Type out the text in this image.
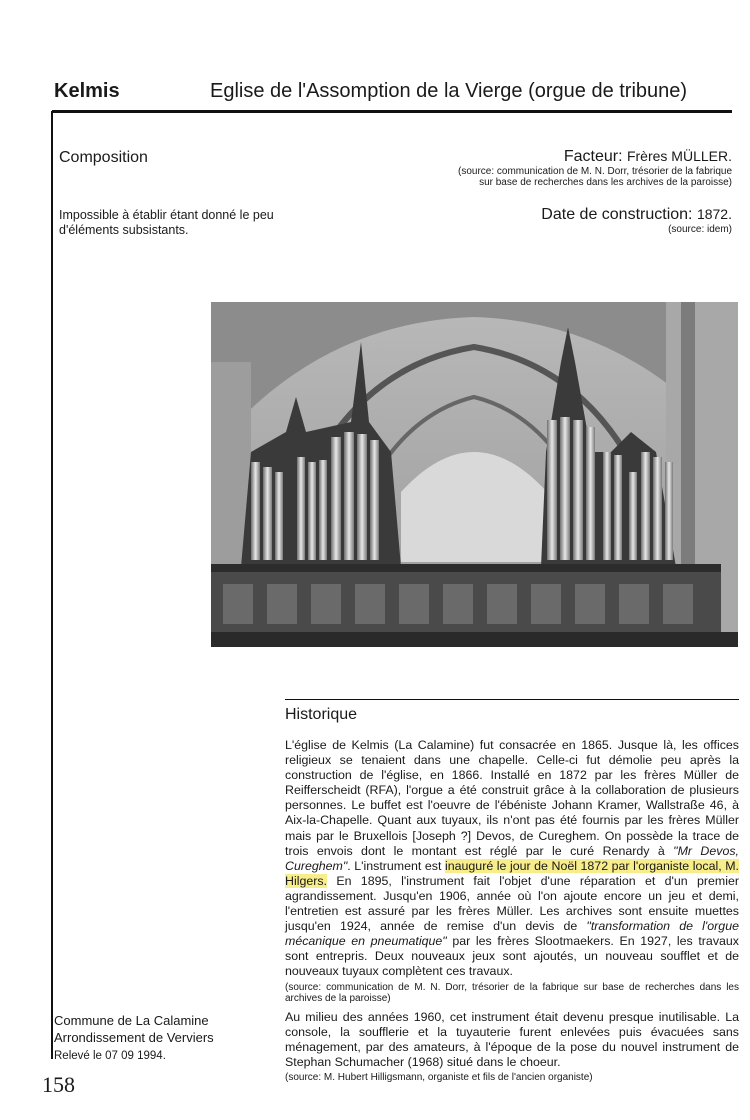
Kelmis	Eglise de l'Assomption de la Vierge (orgue de tribune)
Composition
Impossible à établir étant donné le peu d'éléments subsistants.
Facteur: Frères MÜLLER.
(source: communication de M. N. Dorr, trésorier de la fabrique sur base de recherches dans les archives de la paroisse)
Date de construction: 1872.
(source: idem)
Historique

L'église de Kelmis (La Calamine) fut consacrée en 1865. Jusque là, les offices religieux se tenaient dans une chapelle. Celle-ci fut démolie peu après la construction de l'église, en 1866. Installé en 1872 par les frères Müller de Reifferscheidt (RFA), l'orgue a été construit grâce à la collaboration de plusieurs personnes. Le buffet est l'oeuvre de l'ébéniste Johann Kramer, Wallstraße 46, à Aix-la-Chapelle. Quant aux tuyaux, ils n'ont pas été fournis par les frères Müller mais par le Bruxellois [Joseph ?] Devos, de Cureghem. On possède la trace de trois envois dont le montant est réglé par le curé Renardy à "Mr Devos, Cureghem". L'instrument est inauguré le jour de Noël 1872 par l'organiste local, M. Hilgers. En 1895, l'instrument fait l'objet d'une réparation et d'un premier agrandissement. Jusqu'en 1906, année où l'on ajoute encore un jeu et demi, l'entretien est assuré par les frères Müller. Les archives sont ensuite muettes jusqu'en 1924, année de remise d'un devis de "transformation de l'orgue mécanique en pneumatique" par les frères Slootmaekers. En 1927, les travaux sont entrepris. Deux nouveaux jeux sont ajoutés, un nouveau soufflet et de nouveaux tuyaux complètent ces travaux.
(source: communication de M. N. Dorr, trésorier de la fabrique sur base de recherches dans les archives de la paroisse)

Au milieu des années 1960, cet instrument était devenu presque inutilisable. La console, la soufflerie et la tuyauterie furent enlevées puis évacuées sans ménagement, par des amateurs, à l'époque de la pose du nouvel instrument de Stephan Schumacher (1968) situé dans le choeur.
(source: M. Hubert Hilligsmann, organiste et fils de l'ancien organiste)

Commune de La Calamine
Arrondissement de Verviers
Relevé le 07 09 1994.
158
